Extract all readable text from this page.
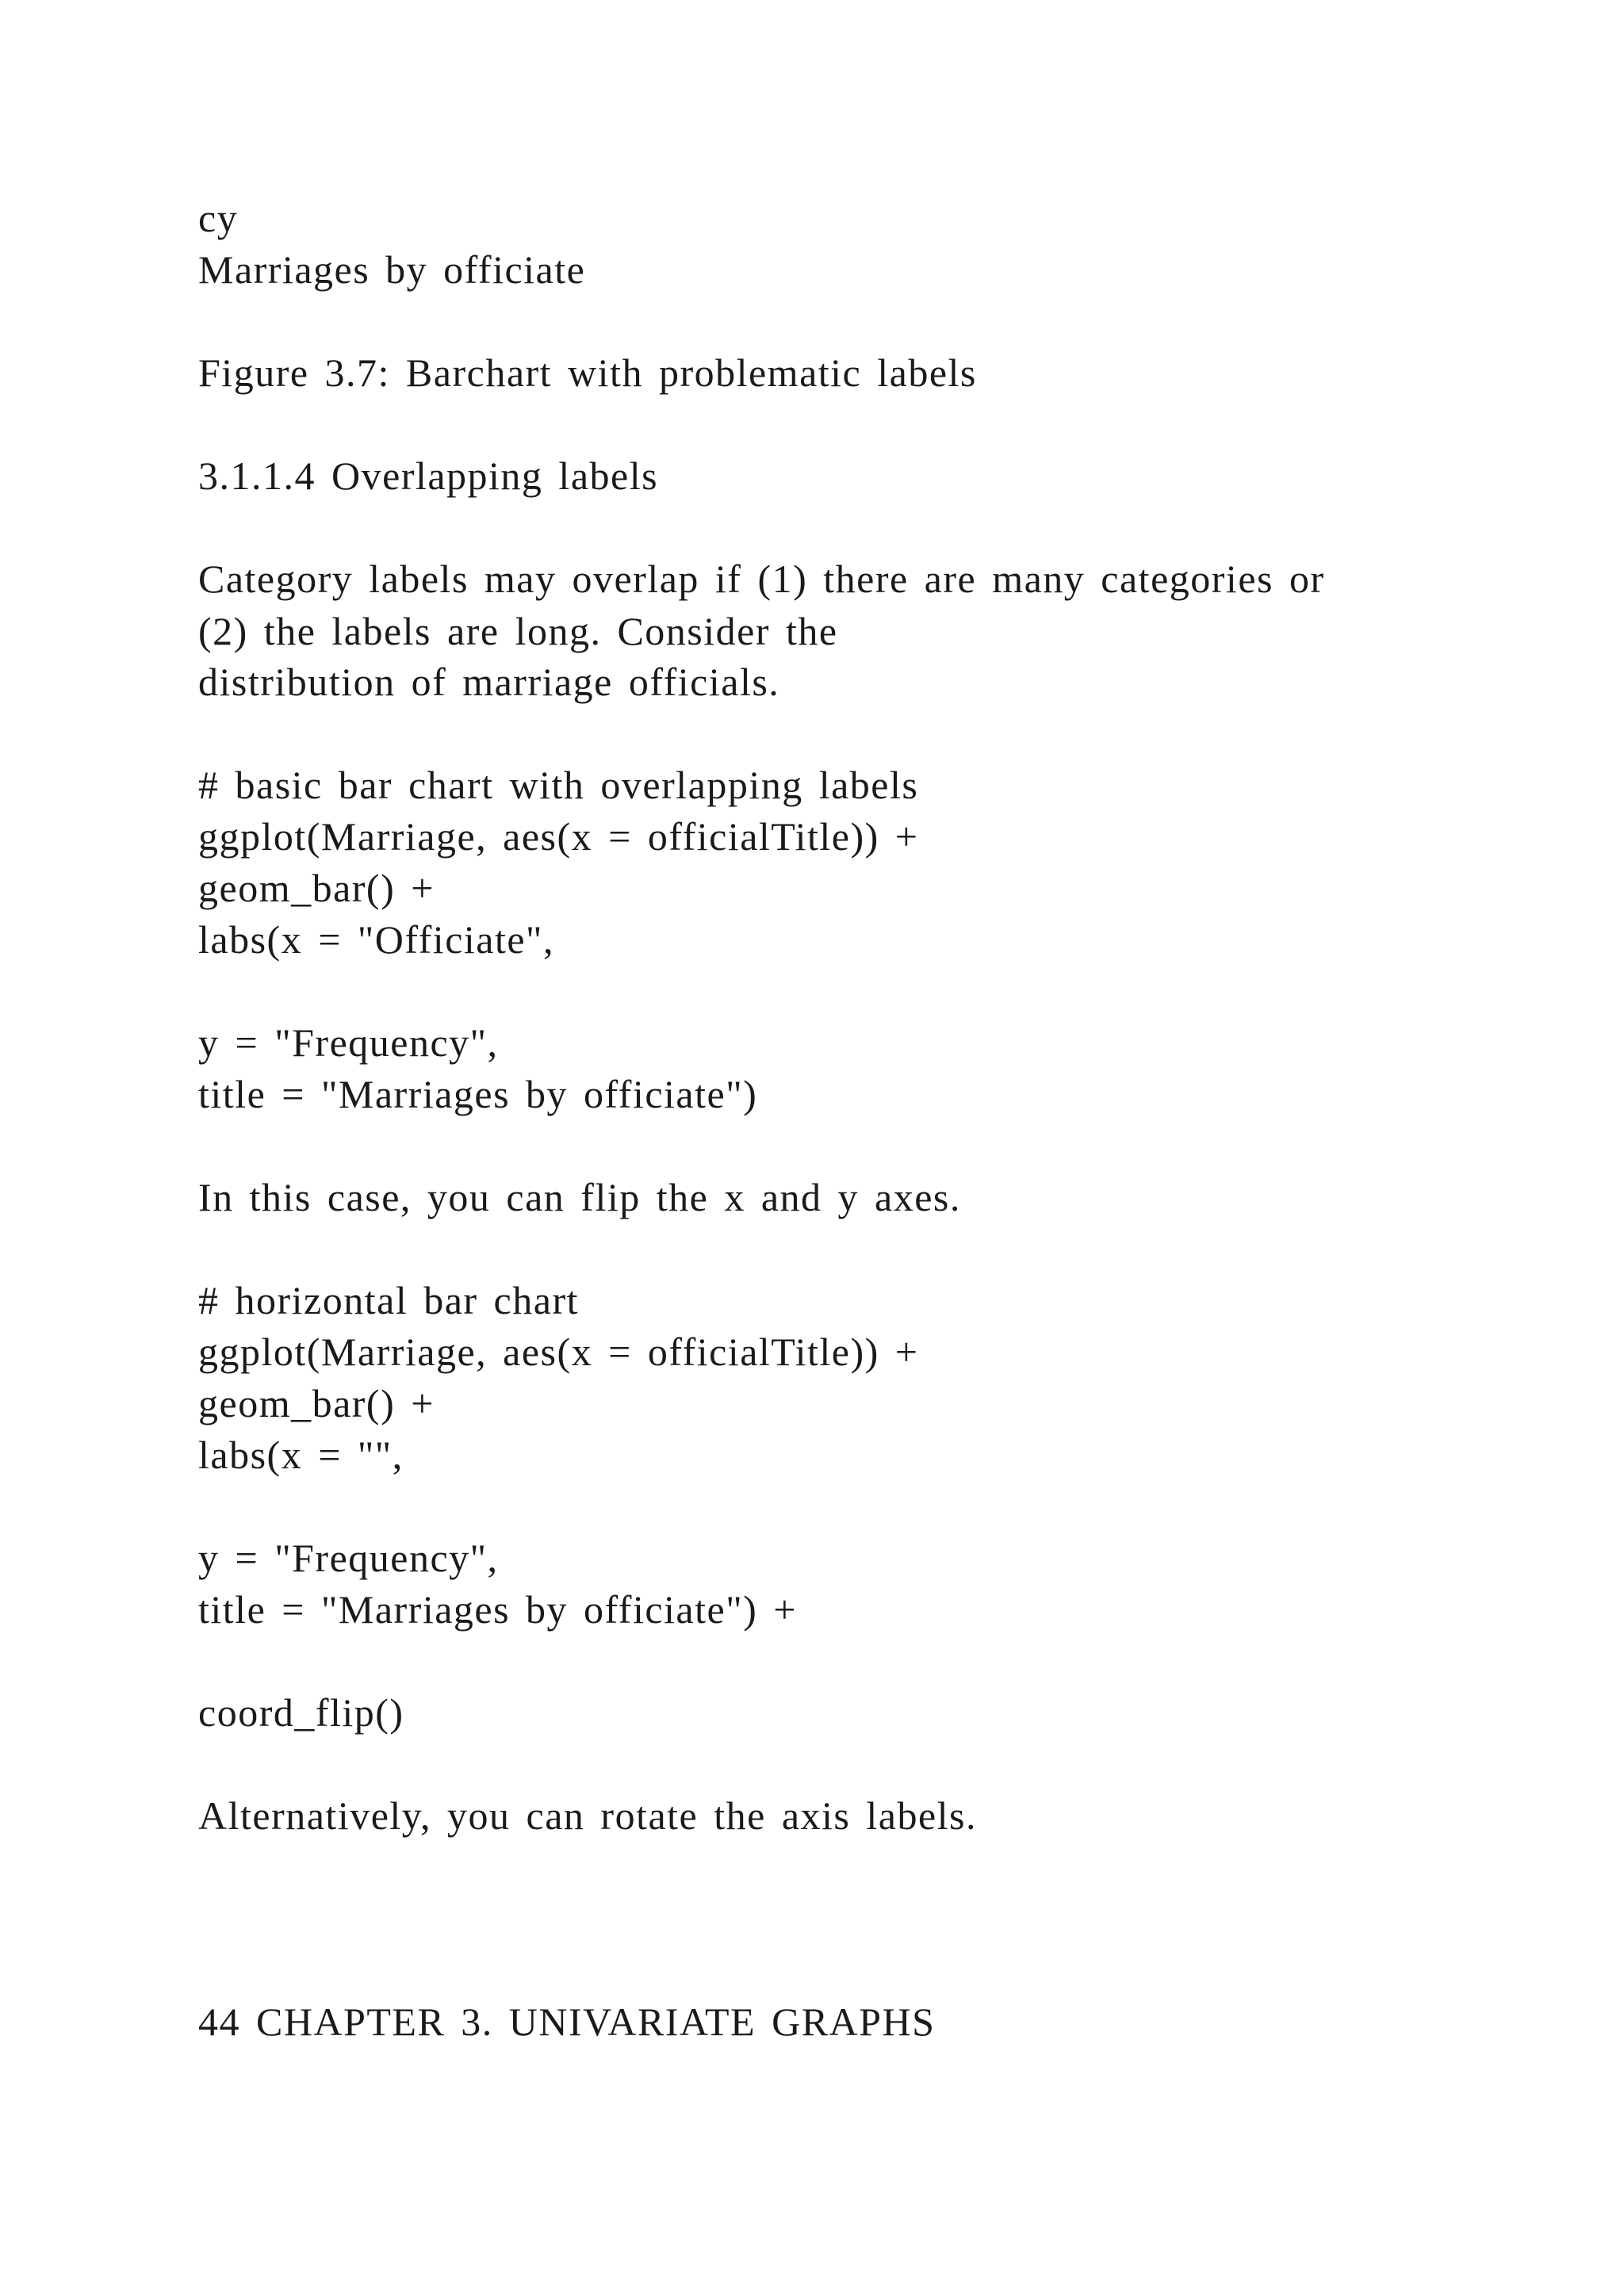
cy
Marriages by officiate
Figure 3.7: Barchart with problematic labels
3.1.1.4 Overlapping labels
Category labels may overlap if (1) there are many categories or
(2) the labels are long. Consider the
distribution of marriage officials.
# basic bar chart with overlapping labels
ggplot(Marriage, aes(x = officialTitle)) +
geom_bar() +
labs(x = "Officiate",
y = "Frequency",
title = "Marriages by officiate")
In this case, you can flip the x and y axes.
# horizontal bar chart
ggplot(Marriage, aes(x = officialTitle)) +
geom_bar() +
labs(x = "",
y = "Frequency",
title = "Marriages by officiate") +
coord_flip()
Alternatively, you can rotate the axis labels.
44 CHAPTER 3. UNIVARIATE GRAPHS
